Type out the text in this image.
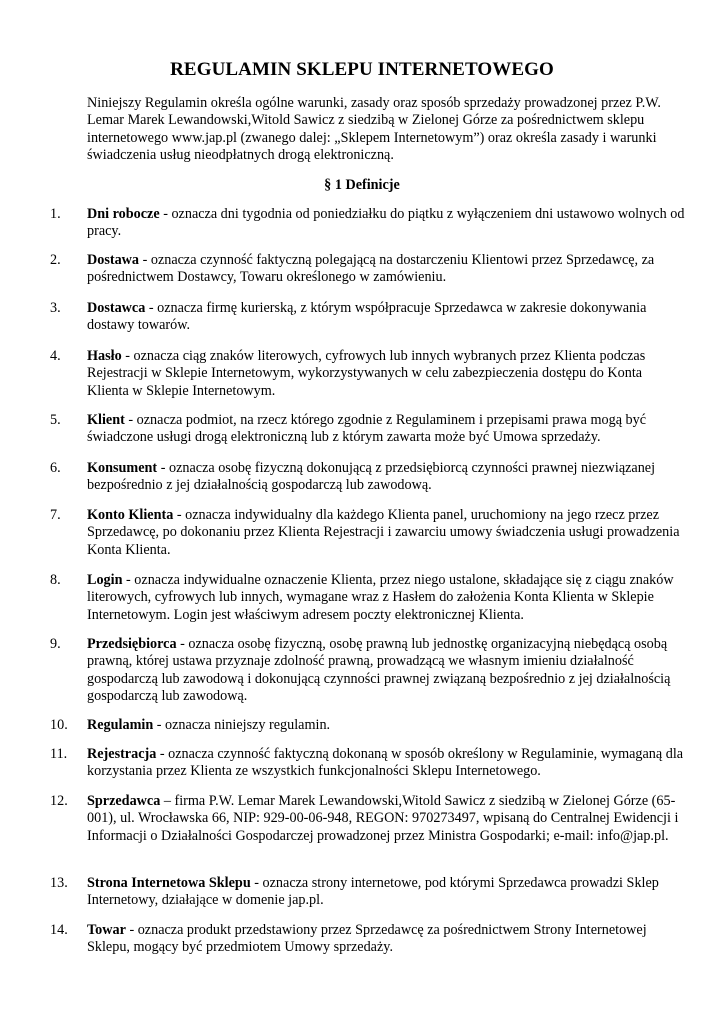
REGULAMIN SKLEPU INTERNETOWEGO
Niniejszy Regulamin określa ogólne warunki, zasady oraz sposób sprzedaży prowadzonej przez P.W. Lemar Marek Lewandowski,Witold Sawicz z siedzibą w Zielonej Górze za pośrednictwem sklepu internetowego www.jap.pl (zwanego dalej: „Sklepem Internetowym”) oraz określa zasady i warunki świadczenia usług nieodpłatnych drogą elektroniczną.
§ 1 Definicje
1.	Dni robocze - oznacza dni tygodnia od poniedziałku do piątku z wyłączeniem dni ustawowo wolnych od pracy.
2.	Dostawa - oznacza czynność faktyczną polegającą na dostarczeniu Klientowi przez Sprzedawcę, za pośrednictwem Dostawcy, Towaru określonego w zamówieniu.
3.	Dostawca - oznacza firmę kurierską, z którym współpracuje Sprzedawca w zakresie dokonywania dostawy towarów.
4.	Hasło - oznacza ciąg znaków literowych, cyfrowych lub innych wybranych przez Klienta podczas Rejestracji w Sklepie Internetowym, wykorzystywanych w celu zabezpieczenia dostępu do Konta Klienta w Sklepie Internetowym.
5.	Klient - oznacza podmiot, na rzecz którego zgodnie z Regulaminem i przepisami prawa mogą być świadczone usługi drogą elektroniczną lub z którym zawarta może być Umowa sprzedaży.
6.	Konsument - oznacza osobę fizyczną dokonującą z przedsiębiorcą czynności prawnej niezwiązanej bezpośrednio z jej działalnością gospodarczą lub zawodową.
7.	Konto Klienta - oznacza indywidualny dla każdego Klienta panel, uruchomiony na jego rzecz przez Sprzedawcę, po dokonaniu przez Klienta Rejestracji i zawarciu umowy świadczenia usługi prowadzenia Konta Klienta.
8.	Login - oznacza indywidualne oznaczenie Klienta, przez niego ustalone, składające się z ciągu znaków literowych, cyfrowych lub innych, wymagane wraz z Hasłem do założenia Konta Klienta w Sklepie Internetowym. Login jest właściwym adresem poczty elektronicznej Klienta.
9.	Przedsiębiorca - oznacza osobę fizyczną, osobę prawną lub jednostkę organizacyjną niebędącą osobą prawną, której ustawa przyznaje zdolność prawną, prowadzącą we własnym imieniu działalność gospodarczą lub zawodową i dokonującą czynności prawnej związaną bezpośrednio z jej działalnością gospodarczą lub zawodową.
10.	Regulamin - oznacza niniejszy regulamin.
11.	Rejestracja - oznacza czynność faktyczną dokonaną w sposób określony w Regulaminie, wymaganą dla korzystania przez Klienta ze wszystkich funkcjonalności Sklepu Internetowego.
12.	Sprzedawca – firma P.W. Lemar Marek Lewandowski,Witold Sawicz z siedzibą w Zielonej Górze (65-001), ul. Wrocławska 66, NIP: 929-00-06-948, REGON: 970273497, wpisaną do Centralnej Ewidencji i Informacji o Działalności Gospodarczej prowadzonej przez Ministra Gospodarki; e-mail: info@jap.pl.
13.	Strona Internetowa Sklepu - oznacza strony internetowe, pod którymi Sprzedawca prowadzi Sklep Internetowy, działające w domenie jap.pl.
14.	Towar - oznacza produkt przedstawiony przez Sprzedawcę za pośrednictwem Strony Internetowej Sklepu, mogący być przedmiotem Umowy sprzedaży.
